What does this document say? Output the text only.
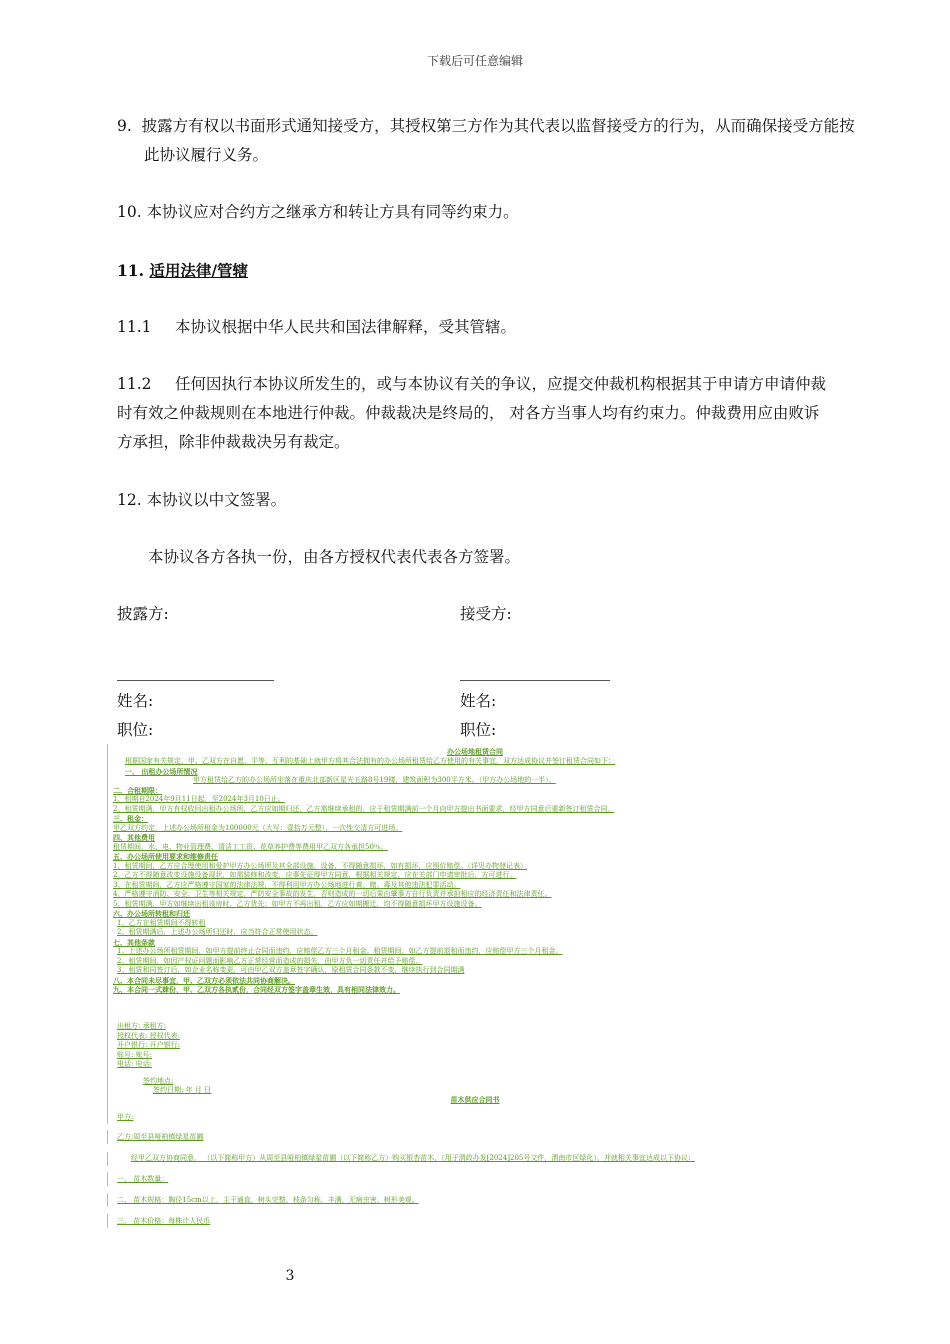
下载后可任意编辑
9. 披露方有权以书面形式通知接受方，其授权第三方作为其代表以监督接受方的行为，从而确保接受方能按此协议履行义务。
10. 本协议应对合约方之继承方和转让方具有同等约束力。
11. 适用法律/管辖
11.1 本协议根据中华人民共和国法律解释，受其管辖。
11.2 任何因执行本协议所发生的，或与本协议有关的争议，应提交仲裁机构根据其于申请方申请仲裁时有效之仲裁规则在本地进行仲裁。仲裁裁决是终局的， 对各方当事人均有约束力。仲裁费用应由败诉方承担，除非仲裁裁决另有裁定。
12. 本协议以中文签署。
本协议各方各执一份，由各方授权代表代表各方签署。
披露方:	接受方:
姓名:	姓名:
职位:	职位:
办公场地租赁合同
根据国家有关规定，甲、乙双方在自愿、平等、互利的基础上就甲方将其合法拥有的办公场所租赁给乙方使用的有关事宜，双方达成协议并签订租赁合同如下：
一、 出租办公场所情况
甲方租赁给乙方的办公场所坐落在重庆北部新区星光五路8号19楼，建筑面积为300平方米。（甲方办公场地的一半）。
二、合租期限：
1、租期自2024年9月11日起，至2024年3月10日止。
2、租赁期满，甲方有权收回出租办公场所，乙方应如期归还，乙方需继续承租的，应于租赁期满前一个月向甲方提出书面要求，经甲方同意后重新签订租赁合同。
三、租金：
甲乙双方约定，上述办公场所租金为100000元（大写：壹拾万元整），一次性交清方可进场。
四、其他费用
租赁期间，水、电、物业管理费、清洁工工资、花草养护费等费用甲乙双方各承担50％。
五、办公场所使用要求和维修责任
1、租赁期间，乙方应合理使用和爱护甲方办公场所及其全部设施、设备，不得随意损坏，如有损坏，应照价赔偿。（详见办物登记表）
2、乙方不得随意改变设施设备现状，如需装修和改变，应事先征得甲方同意，根据相关规定，应在关部门申请审批后，方可进行。
3、在租赁期间，乙方应严格遵守国家的法律法规，不得利用甲方办公场地进行黄、赌、毒及其他违法犯罪活动。
4、严格遵守消防、安全、卫生等相关规定，严防安全事故的发生，否则造成的一切后果由肇事方自行负责并承担相应的经济责任和法律责任。
5、租赁期满，甲方如继续出租该房时，乙方优先；如甲方不再出租，乙方应如期搬迁，均不得随意损坏甲方设施设备。
六、办公场所转租和归还
1、乙方在租赁期间不得转租
2、租赁期满后，上述办公场所归还时，应当符合正常使用状态。
七、其他条款
1、上述办公场所租赁期间，如甲方提前终止合同而违约，应赔偿乙方三个月租金。租赁期间，如乙方提前退租而违约，应赔偿甲方三个月租金。
2、租赁期间，如因产权证问题而影响乙方正常经营而造成的损失，由甲方负一切责任并给予赔偿。
3、租赁和同签订后，如企业名称变更，可由甲乙双方盖章签字确认，原租赁合同条款不变，继续执行到合同期满
八、本合同未尽事宜，甲、乙双方必须依法共同协商解决。
九、本合同一式肆份，甲、乙双方各执贰份，合同经双方签字盖章生效，具有相同法律效力。
出租方: 承租方:
授权代表: 授权代表:
开户银行: 开户银行:
账号: 账号:
电话: 电话:
签约地点:
签约日期: 年 月 日
苗木供应合同书
甲方:
乙方:周至县哑柏镇绿星苗圃
经甲乙双方协商同意， （以下简称甲方）从周至县哑柏镇绿星苗圃（以下简称乙方）购买银杏苗木，（用于渭政办发[2024]205号文件，渭南市区绿化），并就相关事宜达成以下协议：
一、 苗木数量：
二、 苗木规格：胸径15cm以上，主干通直，树头完整，枝条匀称，丰满，无病虫害，树形美观。
三、 苗木价格：每株计人民币
3
